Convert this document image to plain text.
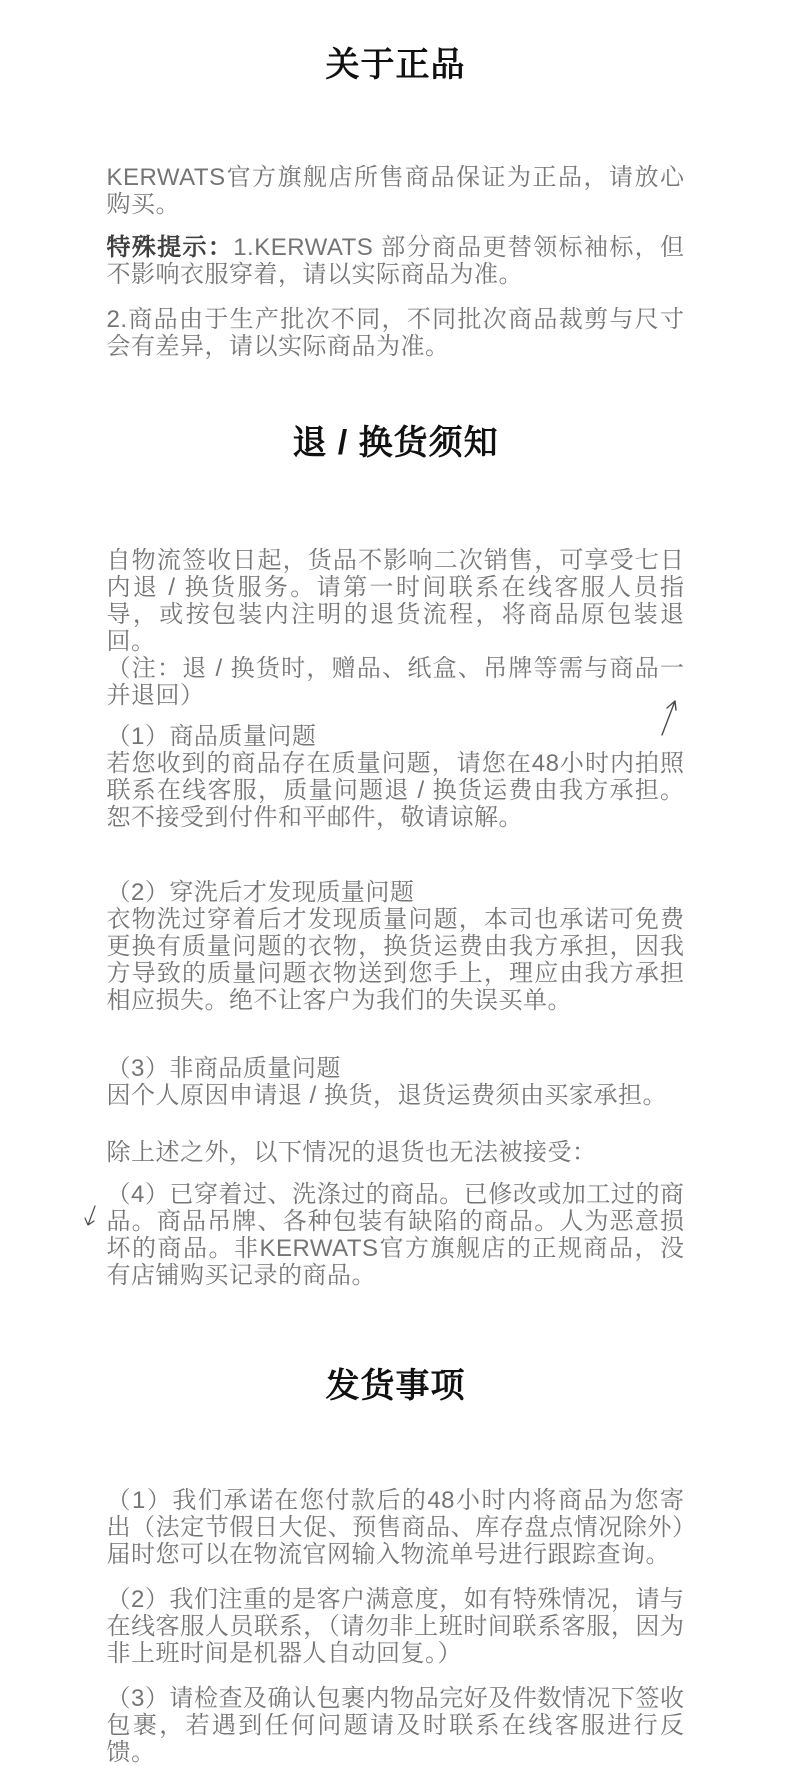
关于正品

KERWATS官方旗舰店所售商品保证为正品，请放心购买。

特殊提示：1.KERWATS 部分商品更替领标袖标，但不影响衣服穿着，请以实际商品为准。

2.商品由于生产批次不同，不同批次商品裁剪与尺寸会有差异，请以实际商品为准。

退 / 换货须知

自物流签收日起，货品不影响二次销售，可享受七日内退 / 换货服务。请第一时间联系在线客服人员指导，或按包装内注明的退货流程，将商品原包装退回。

（注：退 / 换货时，赠品、纸盒、吊牌等需与商品一并退回）

（1）商品质量问题

若您收到的商品存在质量问题，请您在48小时内拍照联系在线客服，质量问题退 / 换货运费由我方承担。恕不接受到付件和平邮件，敬请谅解。

（2）穿洗后才发现质量问题

衣物洗过穿着后才发现质量问题，本司也承诺可免费更换有质量问题的衣物，换货运费由我方承担，因我方导致的质量问题衣物送到您手上，理应由我方承担相应损失。绝不让客户为我们的失误买单。

（3）非商品质量问题

因个人原因申请退 / 换货，退货运费须由买家承担。

除上述之外，以下情况的退货也无法被接受：

（4）已穿着过、洗涤过的商品。已修改或加工过的商品。商品吊牌、各种包装有缺陷的商品。人为恶意损坏的商品。非KERWATS官方旗舰店的正规商品，没有店铺购买记录的商品。

发货事项

（1）我们承诺在您付款后的48小时内将商品为您寄出（法定节假日大促、预售商品、库存盘点情况除外）届时您可以在物流官网输入物流单号进行跟踪查询。

（2）我们注重的是客户满意度，如有特殊情况，请与在线客服人员联系，（请勿非上班时间联系客服，因为非上班时间是机器人自动回复。）

（3）请检查及确认包裹内物品完好及件数情况下签收包裹，若遇到任何问题请及时联系在线客服进行反馈。
